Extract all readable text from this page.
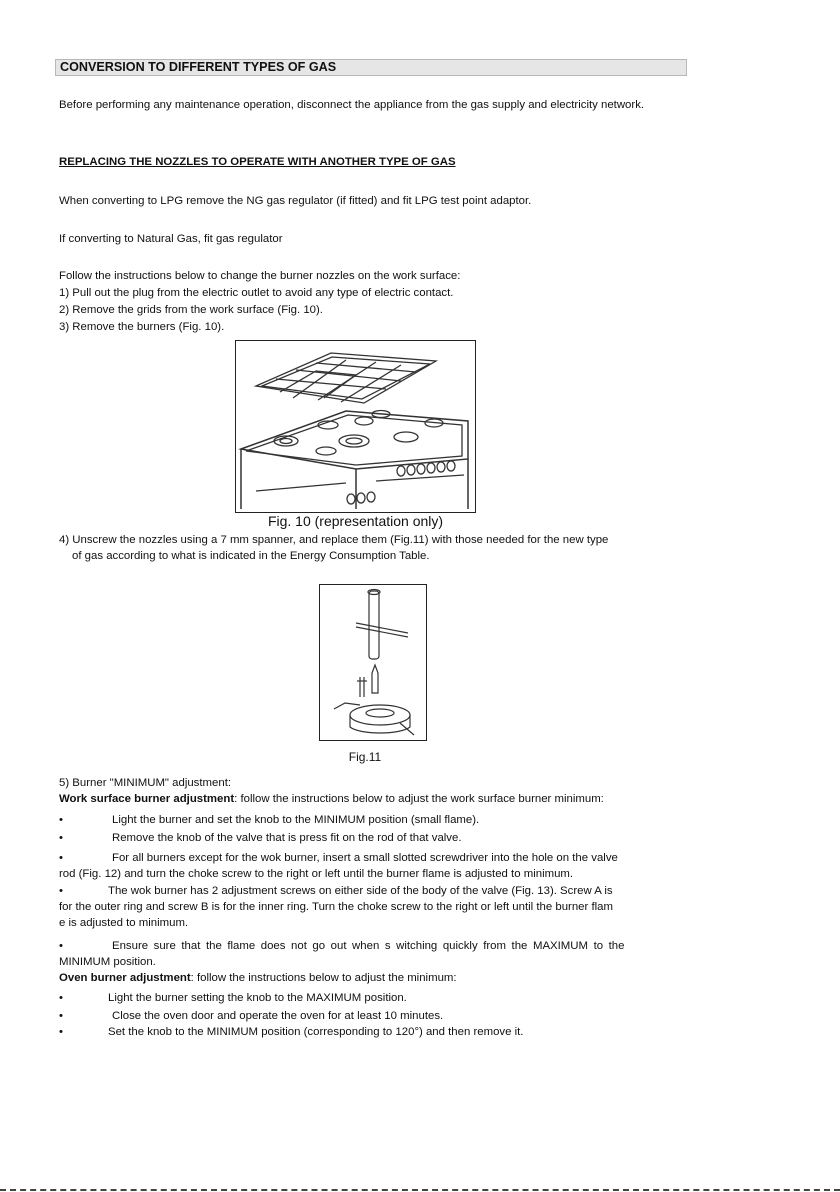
CONVERSION TO DIFFERENT TYPES OF GAS
Before performing any maintenance operation, disconnect the appliance from the gas supply and electricity network.
REPLACING THE NOZZLES TO OPERATE WITH ANOTHER TYPE OF GAS
When converting to LPG remove the NG gas regulator (if fitted) and fit LPG test point adaptor.
If converting to Natural Gas, fit gas regulator
Follow the instructions below to change the burner nozzles on the work surface:
1) Pull out the plug from the electric outlet to avoid any type of electric contact.
2) Remove the grids from the work surface (Fig. 10).
3) Remove the burners (Fig. 10).
Fig. 10 (representation only)
4) Unscrew the nozzles using a 7 mm spanner, and replace them (Fig.11) with those needed for the new type
of gas according to what is indicated in the Energy Consumption Table.
Fig.11
5) Burner "MINIMUM" adjustment:
Work surface burner adjustment: follow the instructions below to adjust the work surface burner minimum:
•	Light the burner and set the knob to the MINIMUM position (small flame).
•	Remove the knob of the valve that is press fit on the rod of that valve.
•	For all burners except for the wok burner, insert a small slotted screwdriver into the hole on the valve
rod (Fig. 12) and turn the choke screw to the right or left until the burner flame is adjusted to minimum.
•	The wok burner has 2 adjustment screws on either side of the body of the valve (Fig. 13). Screw A is
for the outer ring and screw B is for the inner ring. Turn the choke screw to the right or left until the burner flam
e is adjusted to minimum.
•	Ensure sure that the flame does not go out when s witching quickly from the MAXIMUM to the
MINIMUM position.
Oven burner adjustment: follow the instructions below to adjust the minimum:
•	Light the burner setting the knob to the MAXIMUM position.
•	Close the oven door and operate the oven for at least 10 minutes.
•	Set the knob to the MINIMUM position (corresponding to 120°) and then remove it.
